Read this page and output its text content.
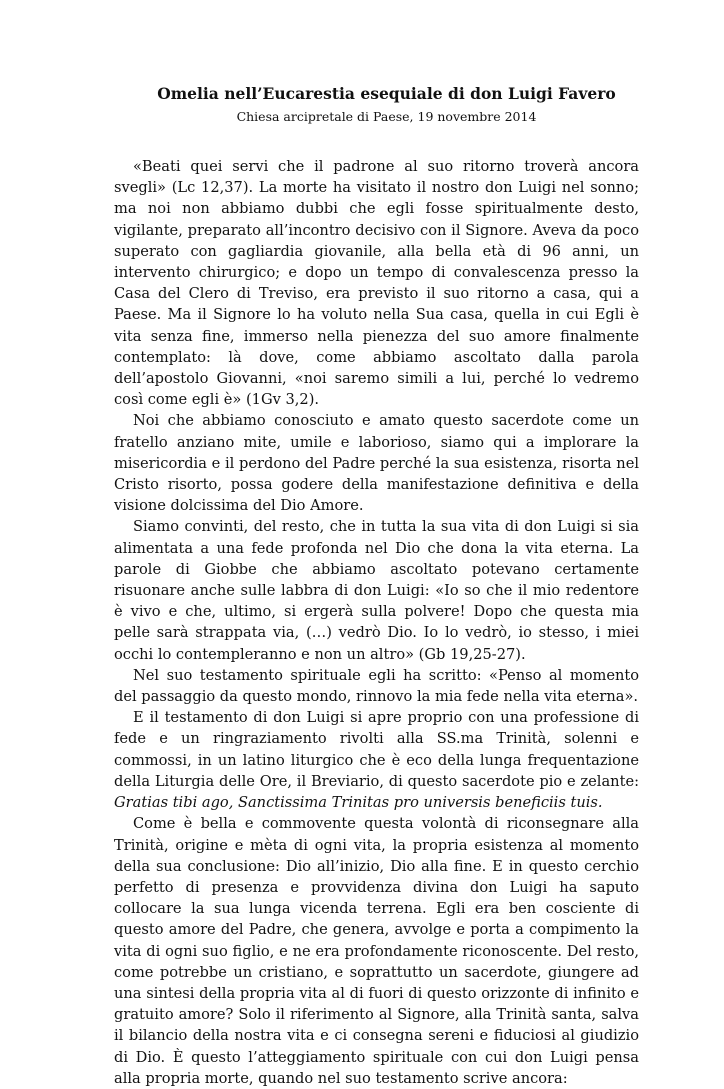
Omelia nell’Eucarestia esequiale di don Luigi Favero

Chiesa arcipretale di Paese, 19 novembre 2014

«Beati quei servi che il padrone al suo ritorno troverà ancora svegli» (Lc 12,37). La morte ha visitato il nostro don Luigi nel sonno; ma noi non abbiamo dubbi che egli fosse spiritualmente desto, vigilante, preparato all’incontro decisivo con il Signore. Aveva da poco superato con gagliardia giovanile, alla bella età di 96 anni, un intervento chirurgico; e dopo un tempo di convalescenza presso la Casa del Clero di Treviso, era previsto il suo ritorno a casa, qui a Paese. Ma il Signore lo ha voluto nella Sua casa, quella in cui Egli è vita senza fine, immerso nella pienezza del suo amore finalmente contemplato: là dove, come abbiamo ascoltato dalla parola dell’apostolo Giovanni, «noi saremo simili a lui, perché lo vedremo così come egli è» (1Gv 3,2).

Noi che abbiamo conosciuto e amato questo sacerdote come un fratello anziano mite, umile e laborioso, siamo qui a implorare la misericordia e il perdono del Padre perché la sua esistenza, risorta nel Cristo risorto, possa godere della manifestazione definitiva e della visione dolcissima del Dio Amore.

Siamo convinti, del resto, che in tutta la sua vita di don Luigi si sia alimentata a una fede profonda nel Dio che dona la vita eterna. La parole di Giobbe che abbiamo ascoltato potevano certamente risuonare anche sulle labbra di don Luigi: «Io so che il mio redentore è vivo e che, ultimo, si ergerà sulla polvere! Dopo che questa mia pelle sarà strappata via, (…) vedrò Dio. Io lo vedrò, io stesso, i miei occhi lo contempleranno e non un altro» (Gb 19,25-27).

Nel suo testamento spirituale egli ha scritto: «Penso al momento del passaggio da questo mondo, rinnovo la mia fede nella vita eterna».

E il testamento di don Luigi si apre proprio con una professione di fede e un ringraziamento rivolti alla SS.ma Trinità, solenni e commossi, in un latino liturgico che è eco della lunga frequentazione della Liturgia delle Ore, il Breviario, di questo sacerdote pio e zelante: Gratias tibi ago, Sanctissima Trinitas pro universis beneficiis tuis.

Come è bella e commovente questa volontà di riconsegnare alla Trinità, origine e mèta di ogni vita, la propria esistenza al momento della sua conclusione: Dio all’inizio, Dio alla fine. E in questo cerchio perfetto di presenza e provvidenza divina don Luigi ha saputo collocare la sua lunga vicenda terrena. Egli era ben cosciente di questo amore del Padre, che genera, avvolge e porta a compimento la vita di ogni suo figlio, e ne era profondamente riconoscente. Del resto, come potrebbe un cristiano, e soprattutto un sacerdote, giungere ad una sintesi della propria vita al di fuori di questo orizzonte di infinito e gratuito amore? Solo il riferimento al Signore, alla Trinità santa, salva il bilancio della nostra vita e ci consegna sereni e fiduciosi al giudizio di Dio. È questo l’atteggiamento spirituale con cui don Luigi pensa alla propria morte, quando nel suo testamento scrive ancora:
